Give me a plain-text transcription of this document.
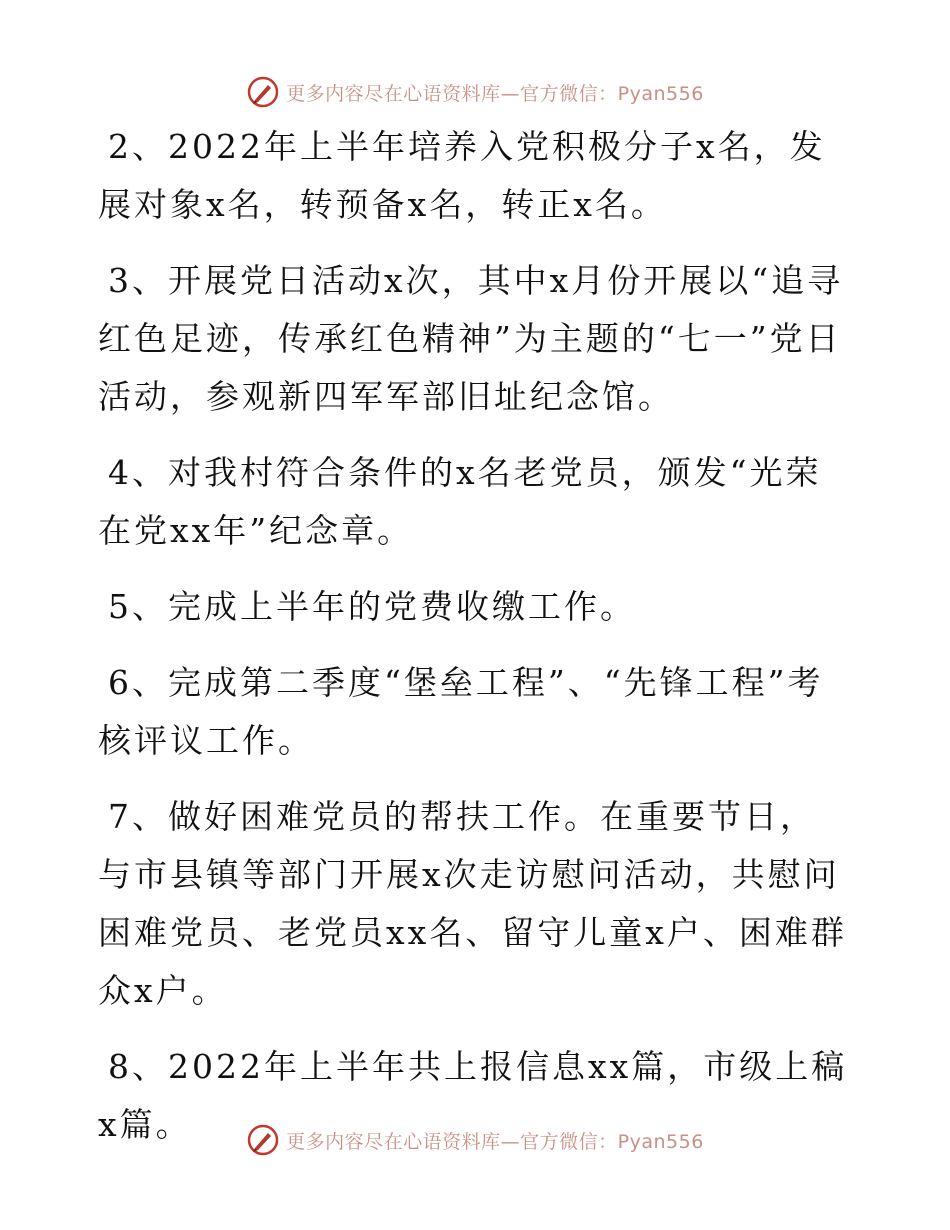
更多内容尽在心语资料库—官方微信：Pyan556

2、2022年上半年培养入党积极分子x名，发展对象x名，转预备x名，转正x名。

3、开展党日活动x次，其中x月份开展以“追寻红色足迹，传承红色精神”为主题的“七一”党日活动，参观新四军军部旧址纪念馆。

4、对我村符合条件的x名老党员，颁发“光荣在党xx年”纪念章。

5、完成上半年的党费收缴工作。

6、完成第二季度“堡垒工程”、“先锋工程”考核评议工作。

7、做好困难党员的帮扶工作。在重要节日，与市县镇等部门开展x次走访慰问活动，共慰问困难党员、老党员xx名、留守儿童x户、困难群众x户。

8、2022年上半年共上报信息xx篇，市级上稿x篇。	更多内容尽在心语资料库—官方微信：Pyan556
